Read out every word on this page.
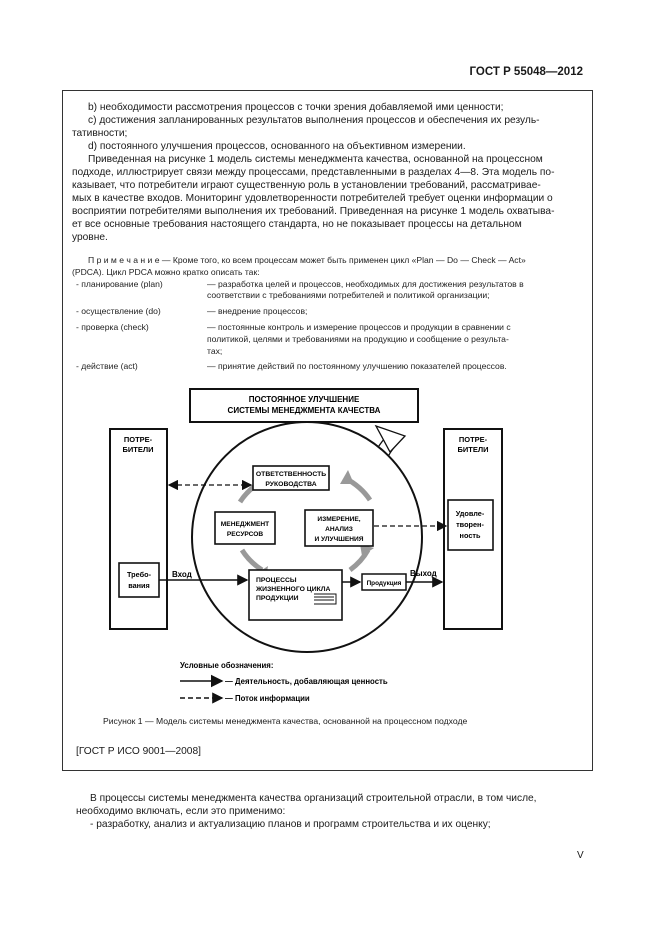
ГОСТ Р 55048—2012
b) необходимости рассмотрения процессов с точки зрения добавляемой ими ценности;
c) достижения запланированных результатов выполнения процессов и обеспечения их резуль-
тативности;
d) постоянного улучшения процессов, основанного на объективном измерении.
Приведенная на рисунке 1 модель системы менеджмента качества, основанной на процессном
подходе, иллюстрирует связи между процессами, представленными в разделах 4—8. Эта модель по-
казывает, что потребители играют существенную роль в установлении требований, рассматривае-
мых в качестве входов. Мониторинг удовлетворенности потребителей требует оценки информации о
восприятии потребителями выполнения их требований. Приведенная на рисунке 1 модель охватыва-
ет все основные требования настоящего стандарта, но не показывает процессы на детальном
уровне.
П р и м е ч а н и е — Кроме того, ко всем процессам может быть применен цикл «Plan — Do — Check — Act»
(PDCA). Цикл PDCA можно кратко описать так:
- планирование (plan)	— разработка целей и процессов, необходимых для достижения результатов в
соответствии с требованиями потребителей и политикой организации;
- осуществление (do)	— внедрение процессов;
- проверка (check)	— постоянные контроль и измерение процессов и продукции в сравнении с
политикой, целями и требованиями на продукцию и сообщение о результа-
тах;
- действие (act)	— принятие действий по постоянному улучшению показателей процессов.
ПОСТОЯННОЕ УЛУЧШЕНИЕ
СИСТЕМЫ МЕНЕДЖМЕНТА КАЧЕСТВА
ПОТРЕ-
БИТЕЛИ
Требо-
вания
ПОТРЕ-
БИТЕЛИ
Удовле-
творен-
ность
ОТВЕТСТВЕННОСТЬ
РУКОВОДСТВА
МЕНЕДЖМЕНТ
РЕСУРСОВ
ИЗМЕРЕНИЕ,
АНАЛИЗ
И УЛУЧШЕНИЯ
ПРОЦЕССЫ
ЖИЗНЕННОГО ЦИКЛА
ПРОДУКЦИИ
Продукция
Вход	Выход
Условные обозначения:
— Деятельность, добавляющая ценность
— Поток информации
Рисунок 1 — Модель системы менеджмента качества, основанной на процессном подходе
[ГОСТ Р ИСО 9001—2008]
В процессы системы менеджмента качества организаций строительной отрасли, в том числе,
необходимо включать, если это применимо:
- разработку, анализ и актуализацию планов и программ строительства и их оценку;
V
